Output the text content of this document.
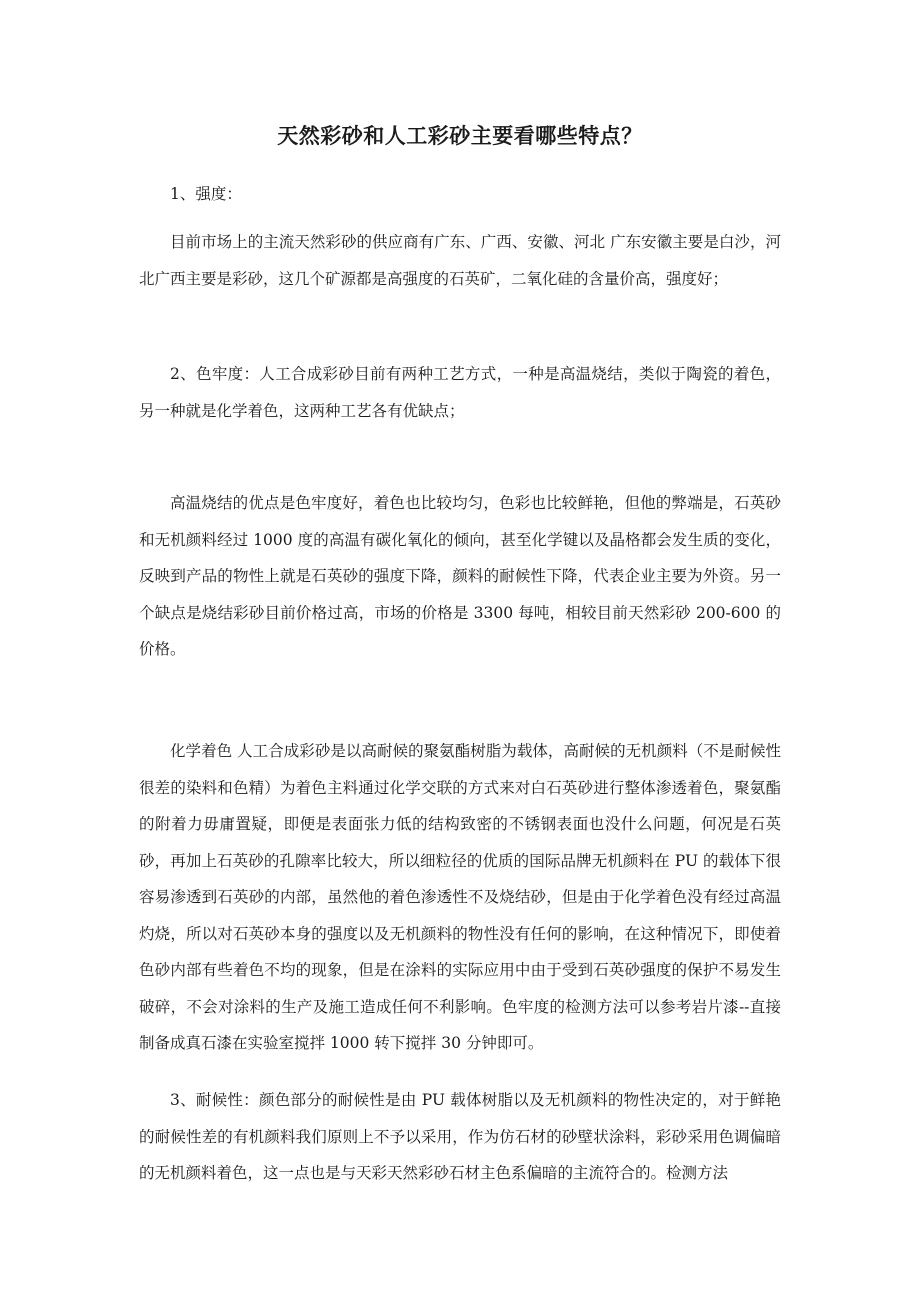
天然彩砂和人工彩砂主要看哪些特点？

1、强度：

目前市场上的主流天然彩砂的供应商有广东、广西、安徽、河北 广东安徽主要是白沙，河北广西主要是彩砂，这几个矿源都是高强度的石英矿，二氧化硅的含量价高，强度好；

2、色牢度：人工合成彩砂目前有两种工艺方式，一种是高温烧结，类似于陶瓷的着色，另一种就是化学着色，这两种工艺各有优缺点；

高温烧结的优点是色牢度好，着色也比较均匀，色彩也比较鲜艳，但他的弊端是，石英砂和无机颜料经过 1000 度的高温有碳化氧化的倾向，甚至化学键以及晶格都会发生质的变化，反映到产品的物性上就是石英砂的强度下降，颜料的耐候性下降，代表企业主要为外资。另一个缺点是烧结彩砂目前价格过高，市场的价格是 3300 每吨，相较目前天然彩砂 200-600 的价格。

化学着色 人工合成彩砂是以高耐候的聚氨酯树脂为载体，高耐候的无机颜料（不是耐候性很差的染料和色精）为着色主料通过化学交联的方式来对白石英砂进行整体渗透着色，聚氨酯的附着力毋庸置疑，即便是表面张力低的结构致密的不锈钢表面也没什么问题，何况是石英砂，再加上石英砂的孔隙率比较大，所以细粒径的优质的国际品牌无机颜料在 PU 的载体下很容易渗透到石英砂的内部，虽然他的着色渗透性不及烧结砂，但是由于化学着色没有经过高温灼烧，所以对石英砂本身的强度以及无机颜料的物性没有任何的影响，在这种情况下，即使着色砂内部有些着色不均的现象，但是在涂料的实际应用中由于受到石英砂强度的保护不易发生破碎，不会对涂料的生产及施工造成任何不利影响。色牢度的检测方法可以参考岩片漆--直接制备成真石漆在实验室搅拌 1000 转下搅拌 30 分钟即可。

3、耐候性：颜色部分的耐候性是由 PU 载体树脂以及无机颜料的物性决定的，对于鲜艳的耐候性差的有机颜料我们原则上不予以采用，作为仿石材的砂壁状涂料，彩砂采用色调偏暗的无机颜料着色，这一点也是与天彩天然彩砂石材主色系偏暗的主流符合的。检测方法
